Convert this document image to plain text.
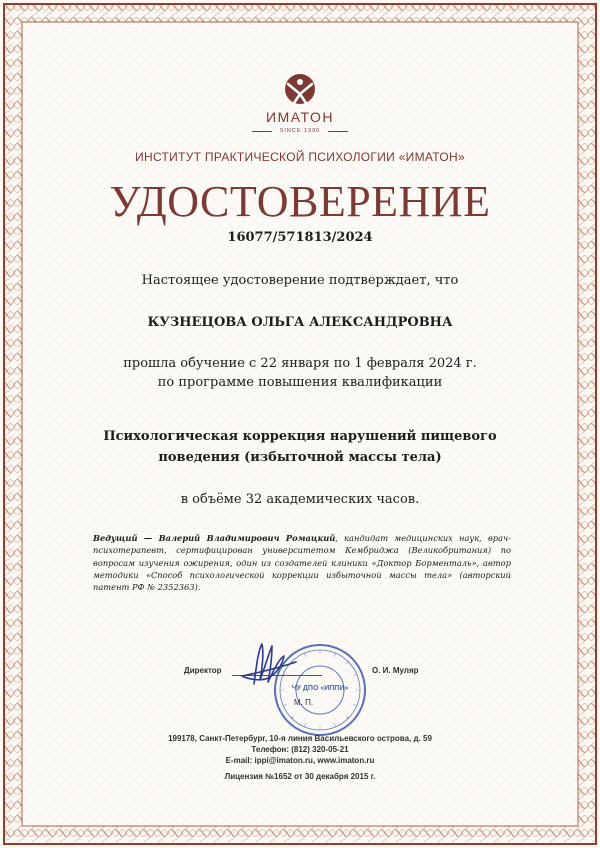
ИМАТОН
SINCE 1990
ИНСТИТУТ ПРАКТИЧЕСКОЙ ПСИХОЛОГИИ «ИМАТОН»
УДОСТОВЕРЕНИЕ
16077/571813/2024
Настоящее удостоверение подтверждает, что
КУЗНЕЦОВА ОЛЬГА АЛЕКСАНДРОВНА
прошла обучение с 22 января по 1 февраля 2024 г.
по программе повышения квалификации
Психологическая коррекция нарушений пищевого
поведения (избыточной массы тела)
в объёме 32 академических часов.
Ведущий — Валерий Владимирович Ромацкий, кандидат медицинских наук, врач-психотерапевт, сертифицирован университетом Кембриджа (Великобритания) по вопросам изучения ожирения, один из создателей клиники «Доктор Борменталь», автор методики «Способ психологической коррекции избыточной массы тела» (авторский патент РФ № 2352363).
Директор
ЧУ ДПО «ИППИ»
О. И. Муляр
М. П.
199178, Санкт-Петербург, 10-я линия Васильевского острова, д. 59
Телефон: (812) 320-05-21
E-mail: ippi@imaton.ru, www.imaton.ru
Лицензия №1652 от 30 декабря 2015 г.
